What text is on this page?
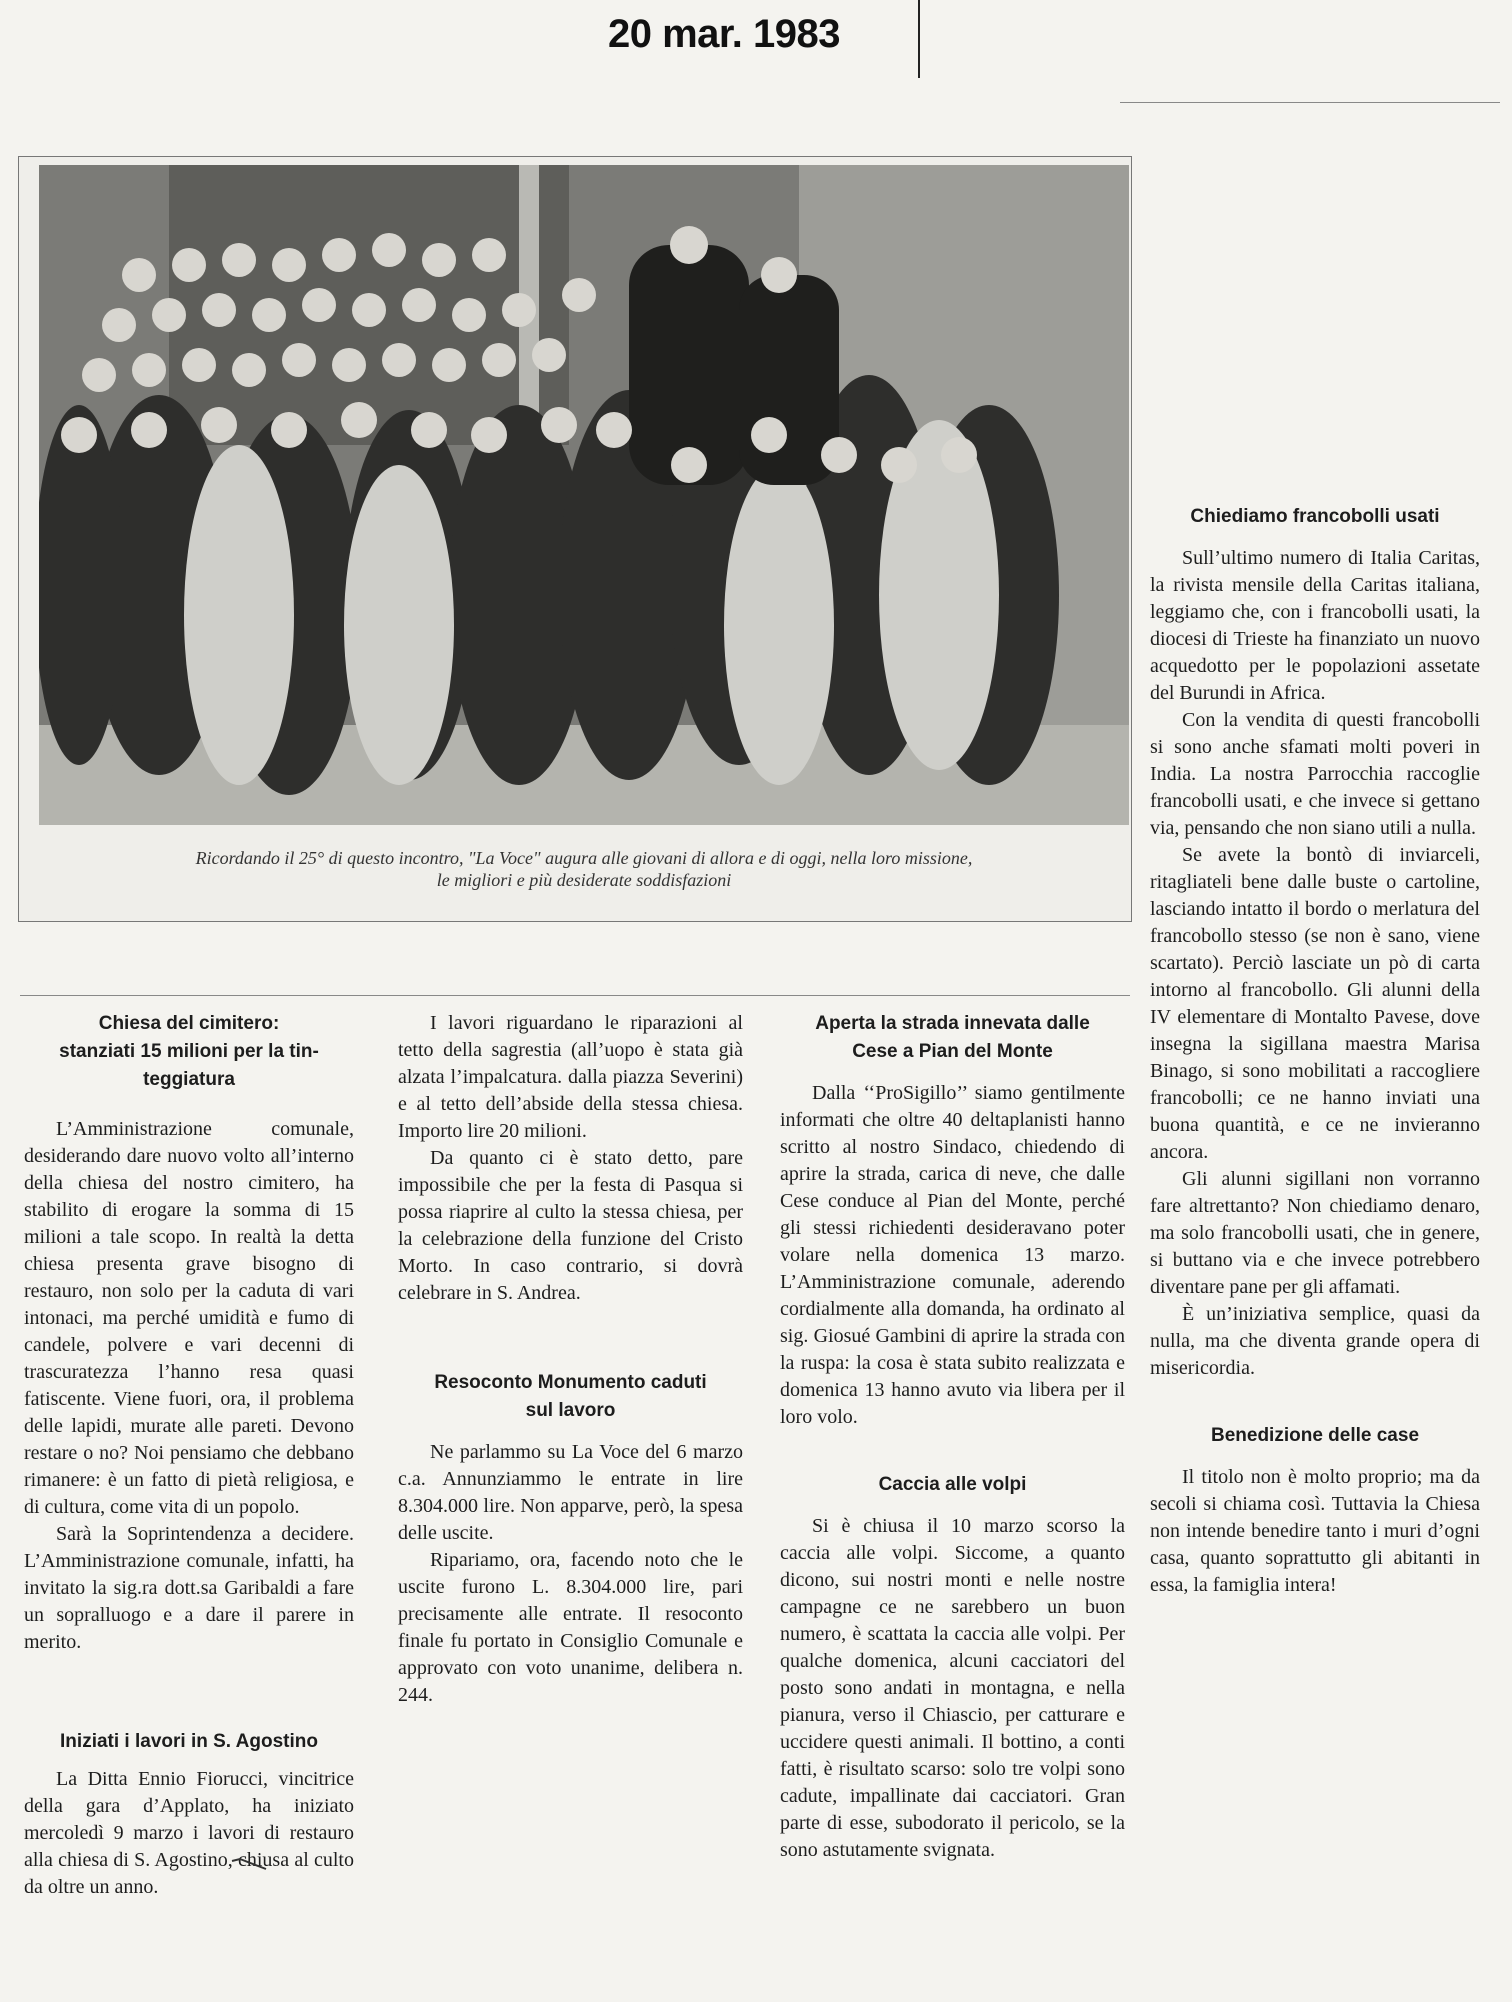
20 mar. 1983
Ricordando il 25° di questo incontro, "La Voce" augura alle giovani di allora e di oggi, nella loro missione,
le migliori e più desiderate soddisfazioni
Chiesa del cimitero:
stanziati 15 milioni per la tin-
teggiatura

L’Amministrazione comunale, desiderando dare nuovo volto all’interno della chiesa del nostro cimitero, ha stabilito di erogare la somma di 15 milioni a tale scopo. In realtà la detta chiesa presenta grave bisogno di restauro, non solo per la caduta di vari intonaci, ma perché umidità e fumo di candele, polvere e vari decenni di trascuratezza l’hanno resa quasi fatiscente. Viene fuori, ora, il problema delle lapidi, murate alle pareti. Devono restare o no? Noi pensiamo che debbano rimanere: è un fatto di pietà religiosa, e di cultura, come vita di un popolo.

Sarà la Soprintendenza a decidere. L’Amministrazione comunale, infatti, ha invitato la sig.ra dott.sa Garibaldi a fare un sopralluogo e a dare il parere in merito.

Iniziati i lavori in S. Agostino

La Ditta Ennio Fiorucci, vincitrice della gara d’Applato, ha iniziato mercoledì 9 marzo i lavori di restauro alla chiesa di S. Agostino, chiusa al culto da oltre un anno.

I lavori riguardano le riparazioni al tetto della sagrestia (all’uopo è stata già alzata l’impalcatura. dalla piazza Severini) e al tetto dell’abside della stessa chiesa. Importo lire 20 milioni.

Da quanto ci è stato detto, pare impossibile che per la festa di Pasqua si possa riaprire al culto la stessa chiesa, per la celebrazione della funzione del Cristo Morto. In caso contrario, si dovrà celebrare in S. Andrea.

Resoconto Monumento caduti
sul lavoro

Ne parlammo su La Voce del 6 marzo c.a. Annunziammo le entrate in lire 8.304.000 lire. Non apparve, però, la spesa delle uscite.

Ripariamo, ora, facendo noto che le uscite furono L. 8.304.000 lire, pari precisamente alle entrate. Il resoconto finale fu portato in Consiglio Comunale e approvato con voto unanime, delibera n. 244.

Aperta la strada innevata dalle
Cese a Pian del Monte

Dalla ‘‘ProSigillo’’ siamo gentilmente informati che oltre 40 deltaplanisti hanno scritto al nostro Sindaco, chiedendo di aprire la strada, carica di neve, che dalle Cese conduce al Pian del Monte, perché gli stessi richiedenti desideravano poter volare nella domenica 13 marzo. L’Amministrazione comunale, aderendo cordialmente alla domanda, ha ordinato al sig. Giosué Gambini di aprire la strada con la ruspa: la cosa è stata subito realizzata e domenica 13 hanno avuto via libera per il loro volo.

Caccia alle volpi

Si è chiusa il 10 marzo scorso la caccia alle volpi. Siccome, a quanto dicono, sui nostri monti e nelle nostre campagne ce ne sarebbero un buon numero, è scattata la caccia alle volpi. Per qualche domenica, alcuni cacciatori del posto sono andati in montagna, e nella pianura, verso il Chiascio, per catturare e uccidere questi animali. Il bottino, a conti fatti, è risultato scarso: solo tre volpi sono cadute, impallinate dai cacciatori. Gran parte di esse, subodorato il pericolo, se la sono astutamente svignata.

Chiediamo francobolli usati

Sull’ultimo numero di Italia Caritas, la rivista mensile della Caritas italiana, leggiamo che, con i francobolli usati, la diocesi di Trieste ha finanziato un nuovo acquedotto per le popolazioni assetate del Burundi in Africa.

Con la vendita di questi francobolli si sono anche sfamati molti poveri in India. La nostra Parrocchia raccoglie francobolli usati, e che invece si gettano via, pensando che non siano utili a nulla.

Se avete la bontò di inviarceli, ritagliateli bene dalle buste o cartoline, lasciando intatto il bordo o merlatura del francobollo stesso (se non è sano, viene scartato). Perciò lasciate un pò di carta intorno al francobollo. Gli alunni della IV elementare di Montalto Pavese, dove insegna la sigillana maestra Marisa Binago, si sono mobilitati a raccogliere francobolli; ce ne hanno inviati una buona quantità, e ce ne invieranno ancora.

Gli alunni sigillani non vorranno fare altrettanto? Non chiediamo denaro, ma solo francobolli usati, che in genere, si buttano via e che invece potrebbero diventare pane per gli affamati.

È un’iniziativa semplice, quasi da nulla, ma che diventa grande opera di misericordia.

Benedizione delle case

Il titolo non è molto proprio; ma da secoli si chiama così. Tuttavia la Chiesa non intende benedire tanto i muri d’ogni casa, quanto soprattutto gli abitanti in essa, la famiglia intera!
